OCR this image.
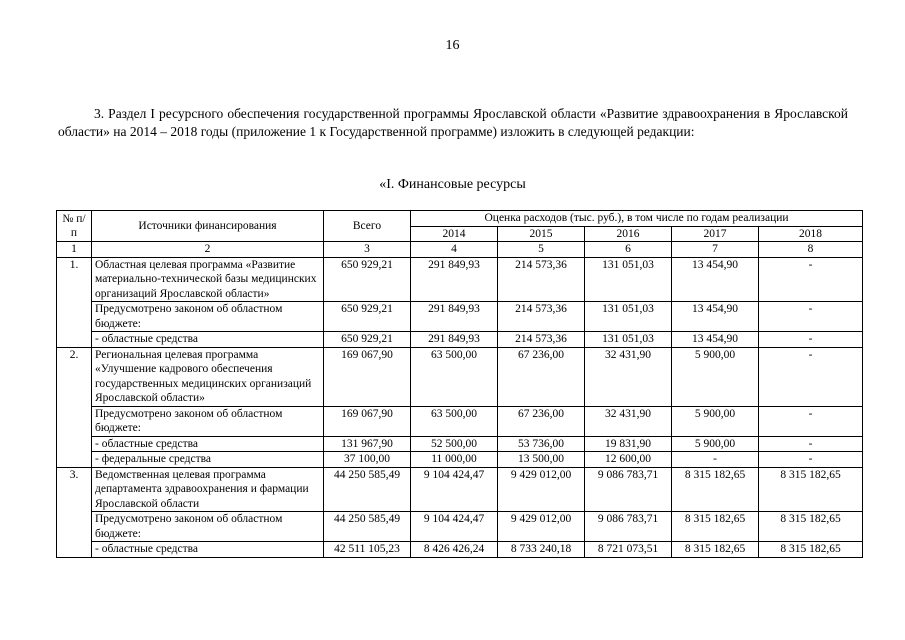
16
3. Раздел I ресурсного обеспечения государственной программы Ярославской области «Развитие здравоохранения в Ярославской области» на 2014 – 2018 годы (приложение 1 к Государственной программе) изложить в следующей редакции:
«I. Финансовые ресурсы
№ п/п	Источники финансирования	Всего	Оценка расходов (тыс. руб.), в том числе по годам реализации				
			2014	2015	2016	2017	2018
1	2	3	4	5	6	7	8
1.	Областная целевая программа «Развитие материально-технической базы медицинских организаций Ярославской области»	650 929,21	291 849,93	214 573,36	131 051,03	13 454,90	-
	Предусмотрено законом об областном бюджете:	650 929,21	291 849,93	214 573,36	131 051,03	13 454,90	-
	- областные средства	650 929,21	291 849,93	214 573,36	131 051,03	13 454,90	-
2.	Региональная целевая программа «Улучшение кадрового обеспечения государственных медицинских организаций Ярославской области»	169 067,90	63 500,00	67 236,00	32 431,90	5 900,00	-
	Предусмотрено законом об областном бюджете:	169 067,90	63 500,00	67 236,00	32 431,90	5 900,00	-
	- областные средства	131 967,90	52 500,00	53 736,00	19 831,90	5 900,00	-
	- федеральные средства	37 100,00	11 000,00	13 500,00	12 600,00	-	-
3.	Ведомственная целевая программа департамента здравоохранения и фармации Ярославской области	44 250 585,49	9 104 424,47	9 429 012,00	9 086 783,71	8 315 182,65	8 315 182,65
	Предусмотрено законом об областном бюджете:	44 250 585,49	9 104 424,47	9 429 012,00	9 086 783,71	8 315 182,65	8 315 182,65
	- областные средства	42 511 105,23	8 426 426,24	8 733 240,18	8 721 073,51	8 315 182,65	8 315 182,65
